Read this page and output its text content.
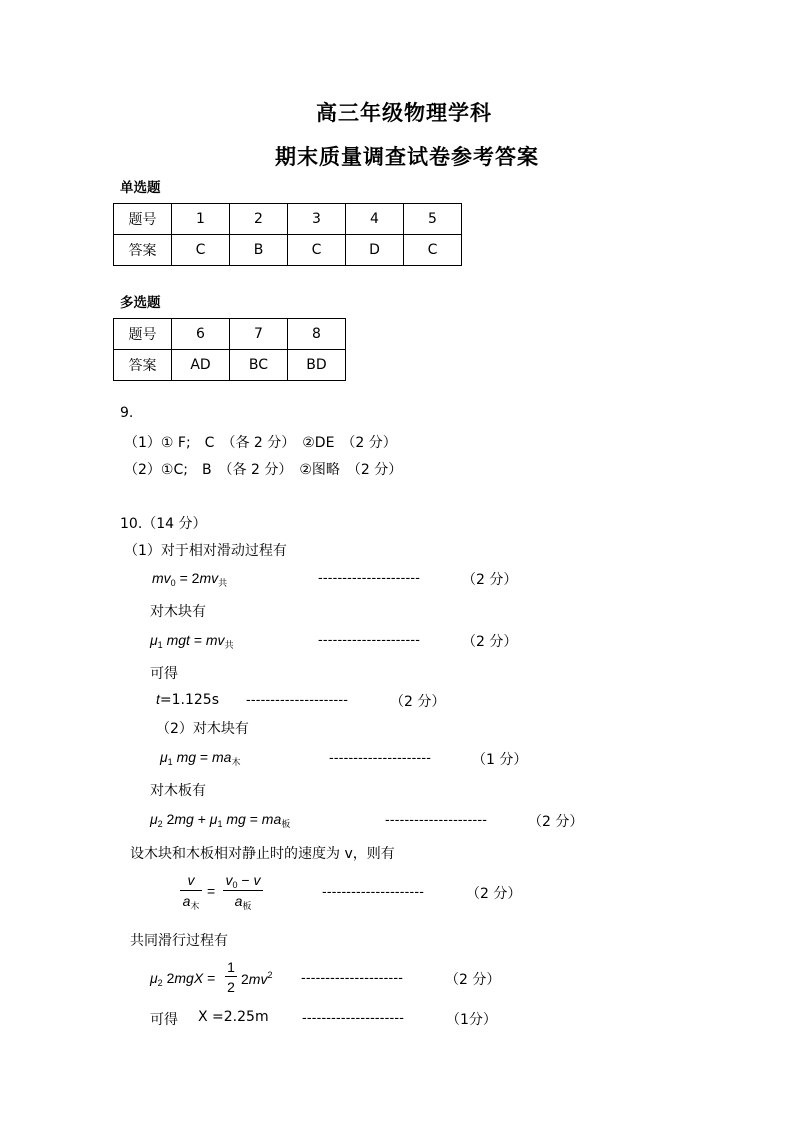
高三年级物理学科
期末质量调查试卷参考答案
单选题
题号	1	2	3	4	5
答案	C	B	C	D	C
多选题
题号	6	7	8
答案	AD	BC	BD
9.
（1）① F;　C　（各 2 分）　②DE　（2 分）
（2）①C;　B　（各 2 分）　②图略　（2 分）
10.（14 分）
（1）对于相对滑动过程有
$mv_0 = 2mv_共$	---------------------	（2 分）
对木块有
$\mu_1$ mgt = $mv_共$	---------------------	（2 分）
可得
t=1.125s ---------------------	（2 分）
（2）对木块有
$\mu_1$ mg = $ma_木$	---------------------	（1 分）
对木板有
$\mu_2$ $2mg + \mu_1$ mg = $ma_板$	---------------------	（2 分）
设木块和木板相对静止时的速度为 v，则有
v
$a_木$
=
$v_0 - v$
$a_板$
---------------------	（2 分）
共同滑行过程有
$\mu_2$ 2mgX =
1
2 $2mv^2$ ---------------------	（2 分）
可得 X =2.25m ---------------------	（1分）
